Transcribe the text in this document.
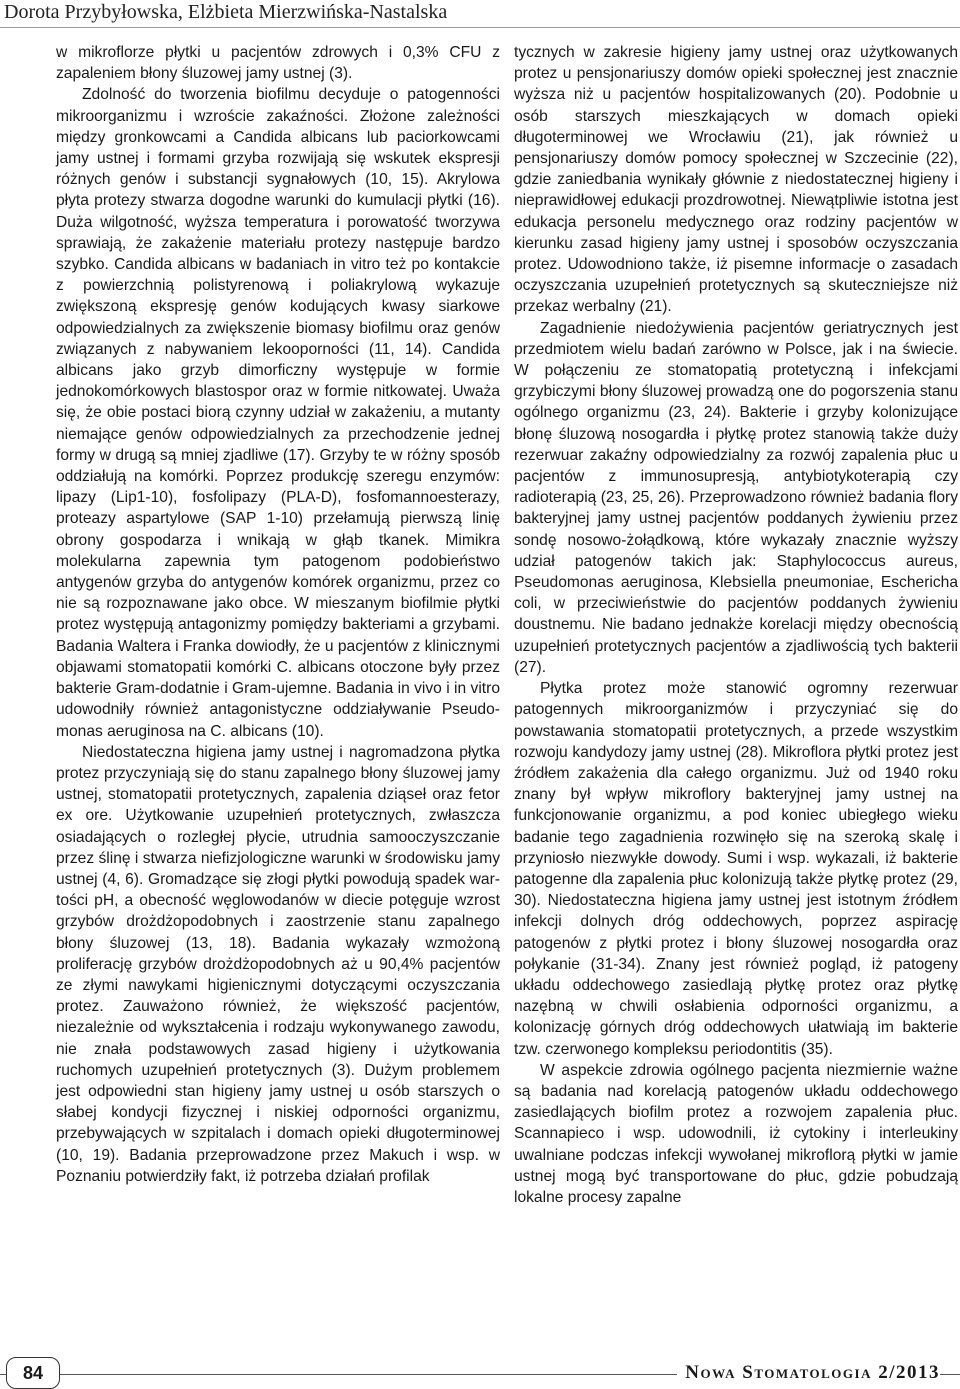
Dorota Przybyłowska, Elżbieta Mierzwińska-Nastalska

w mikroflorze płytki u pacjentów zdrowych i 0,3% CFU z zapaleniem błony śluzowej jamy ustnej (3).

Zdolność do tworzenia biofilmu decyduje o patogenności mikroorganizmu i wzroście zakaźności. Złożone zależności między gronkowcami a Candida albicans lub paciorkowcami jamy ustnej i formami grzyba rozwijają się wskutek ekspresji różnych genów i substancji sygnałowych (10, 15). Akrylowa płyta protezy stwarza dogodne warunki do kumulacji płytki (16). Duża wilgotność, wyższa temperatura i porowatość tworzywa sprawiają, że zakażenie materiału protezy następuje bardzo szybko. Candida albicans w badaniach in vitro też po kontakcie z powierzchnią polistyrenową i poliakrylową wykazuje zwiększoną ekspresję genów kodujących kwasy siarkowe odpowiedzialnych za zwiększenie biomasy biofilmu oraz genów związanych z nabywaniem lekooporności (11, 14). Candida albicans jako grzyb dimorficzny występuje w formie jednokomórkowych blastospor oraz w formie nitkowatej. Uważa się, że obie postaci biorą czynny udział w zakażeniu, a mutanty niemające genów odpowiedzialnych za przechodzenie jednej formy w drugą są mniej zjadliwe (17). Grzyby te w różny sposób oddziałują na komórki. Poprzez produkcję szeregu enzymów: lipazy (Lip1-10), fosfolipazy (PLA-D), fosfomannoesterazy, proteazy aspartylowe (SAP 1-10) przełamują pierwszą linię obrony gospodarza i wnikają w głąb tkanek. Mimikra molekularna zapewnia tym patogenom podobieństwo antygenów grzyba do antygenów komórek organizmu, przez co nie są rozpoznawane jako obce. W mieszanym biofilmie płytki protez występują antagonizmy pomiędzy bakteriami a grzybami. Badania Waltera i Franka dowiodły, że u pacjentów z klinicznymi objawami stomatopatii komórki C. albicans otoczone były przez bakterie Gram-dodatnie i Gram-ujemne. Badania in vivo i in vitro udowodniły również antagonistyczne oddziaływanie Pseudomonas aeruginosa na C. albicans (10).

Niedostateczna higiena jamy ustnej i nagromadzona płytka protez przyczyniają się do stanu zapalnego błony śluzowej jamy ustnej, stomatopatii protetycznych, zapalenia dziąseł oraz fetor ex ore. Użytkowanie uzupełnień protetycznych, zwłaszcza osiadających o rozległej płycie, utrudnia samooczyszczanie przez ślinę i stwarza niefizjologiczne warunki w środowisku jamy ustnej (4, 6). Gromadzące się złogi płytki powodują spadek wartości pH, a obecność węglowodanów w diecie potęguje wzrost grzybów drożdżopodobnych i zaostrzenie stanu zapalnego błony śluzowej (13, 18). Badania wykazały wzmożoną proliferację grzybów drożdżopodobnych aż u 90,4% pacjentów ze złymi nawykami higienicznymi dotyczącymi oczyszczania protez. Zauważono również, że większość pacjentów, niezależnie od wykształcenia i rodzaju wykonywanego zawodu, nie znała podstawowych zasad higieny i użytkowania ruchomych uzupełnień protetycznych (3). Dużym problemem jest odpowiedni stan higieny jamy ustnej u osób starszych o słabej kondycji fizycznej i niskiej odporności organizmu, przebywających w szpitalach i domach opieki długoterminowej (10, 19). Badania przeprowadzone przez Makuch i wsp. w Poznaniu potwierdziły fakt, iż potrzeba działań profilak

tycznych w zakresie higieny jamy ustnej oraz użytkowanych protez u pensjonariuszy domów opieki społecznej jest znacznie wyższa niż u pacjentów hospitalizowanych (20). Podobnie u osób starszych mieszkających w domach opieki długoterminowej we Wrocławiu (21), jak również u pensjonariuszy domów pomocy społecznej w Szczecinie (22), gdzie zaniedbania wynikały głównie z niedostatecznej higieny i nieprawidłowej edukacji prozdrowotnej. Niewątpliwie istotna jest edukacja personelu medycznego oraz rodziny pacjentów w kierunku zasad higieny jamy ustnej i sposobów oczyszczania protez. Udowodniono także, iż pisemne informacje o zasadach oczyszczania uzupełnień protetycznych są skuteczniejsze niż przekaz werbalny (21).

Zagadnienie niedożywienia pacjentów geriatrycznych jest przedmiotem wielu badań zarówno w Polsce, jak i na świecie. W połączeniu ze stomatopatią protetyczną i infekcjami grzybiczymi błony śluzowej prowadzą one do pogorszenia stanu ogólnego organizmu (23, 24). Bakterie i grzyby kolonizujące błonę śluzową nosogardła i płytkę protez stanowią także duży rezerwuar zakaźny odpowiedzialny za rozwój zapalenia płuc u pacjentów z immunosupresją, antybiotykoterapią czy radioterapią (23, 25, 26). Przeprowadzono również badania flory bakteryjnej jamy ustnej pacjentów poddanych żywieniu przez sondę nosowo-żołądkową, które wykazały znacznie wyższy udział patogenów takich jak: Staphylococcus aureus, Pseudomonas aeruginosa, Klebsiella pneumoniae, Eschericha coli, w przeciwieństwie do pacjentów poddanych żywieniu doustnemu. Nie badano jednakże korelacji między obecnością uzupełnień protetycznych pacjentów a zjadliwością tych bakterii (27).

Płytka protez może stanowić ogromny rezerwuar patogennych mikroorganizmów i przyczyniać się do powstawania stomatopatii protetycznych, a przede wszystkim rozwoju kandydozy jamy ustnej (28). Mikroflora płytki protez jest źródłem zakażenia dla całego organizmu. Już od 1940 roku znany był wpływ mikroflory bakteryjnej jamy ustnej na funkcjonowanie organizmu, a pod koniec ubiegłego wieku badanie tego zagadnienia rozwinęło się na szeroką skalę i przyniosło niezwykłe dowody. Sumi i wsp. wykazali, iż bakterie patogenne dla zapalenia płuc kolonizują także płytkę protez (29, 30). Niedostateczna higiena jamy ustnej jest istotnym źródłem infekcji dolnych dróg oddechowych, poprzez aspirację patogenów z płytki protez i błony śluzowej nosogardła oraz połykanie (31-34). Znany jest również pogląd, iż patogeny układu oddechowego zasiedlają płytkę protez oraz płytkę nazębną w chwili osłabienia odporności organizmu, a kolonizację górnych dróg oddechowych ułatwiają im bakterie tzw. czerwonego kompleksu periodontitis (35).

W aspekcie zdrowia ogólnego pacjenta niezmiernie ważne są badania nad korelacją patogenów układu oddechowego zasiedlających biofilm protez a rozwojem zapalenia płuc. Scannapieco i wsp. udowodnili, iż cytokiny i interleukiny uwalniane podczas infekcji wywołanej mikroflorą płytki w jamie ustnej mogą być transportowane do płuc, gdzie pobudzają lokalne procesy zapalne

84	Nowa Stomatologia 2/2013
